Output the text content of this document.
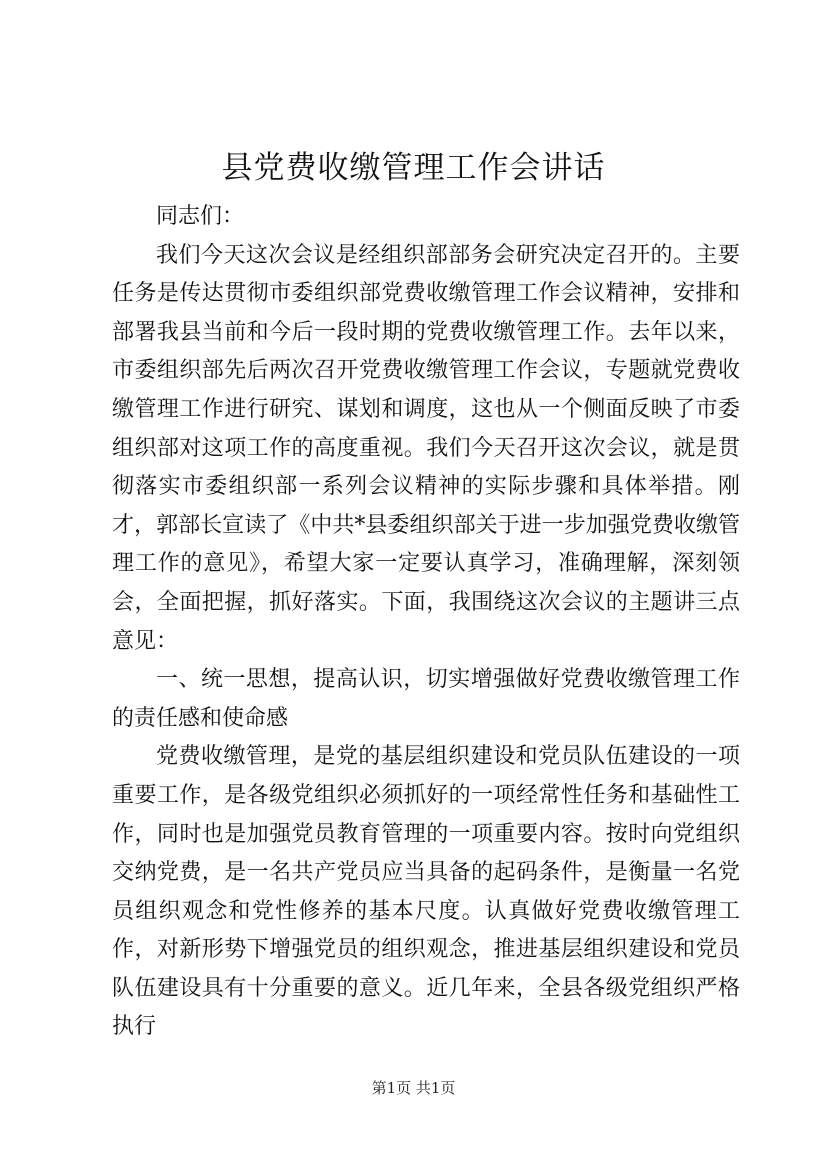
县党费收缴管理工作会讲话

同志们：

我们今天这次会议是经组织部部务会研究决定召开的。主要任务是传达贯彻市委组织部党费收缴管理工作会议精神，安排和部署我县当前和今后一段时期的党费收缴管理工作。去年以来，市委组织部先后两次召开党费收缴管理工作会议，专题就党费收缴管理工作进行研究、谋划和调度，这也从一个侧面反映了市委组织部对这项工作的高度重视。我们今天召开这次会议，就是贯彻落实市委组织部一系列会议精神的实际步骤和具体举措。刚才，郭部长宣读了《中共*县委组织部关于进一步加强党费收缴管理工作的意见》，希望大家一定要认真学习，准确理解，深刻领会，全面把握，抓好落实。下面，我围绕这次会议的主题讲三点意见：

一、统一思想，提高认识，切实增强做好党费收缴管理工作的责任感和使命感

党费收缴管理，是党的基层组织建设和党员队伍建设的一项重要工作，是各级党组织必须抓好的一项经常性任务和基础性工作，同时也是加强党员教育管理的一项重要内容。按时向党组织交纳党费，是一名共产党员应当具备的起码条件，是衡量一名党员组织观念和党性修养的基本尺度。认真做好党费收缴管理工作，对新形势下增强党员的组织观念，推进基层组织建设和党员队伍建设具有十分重要的意义。近几年来，全县各级党组织严格执行

第1页 共1页
